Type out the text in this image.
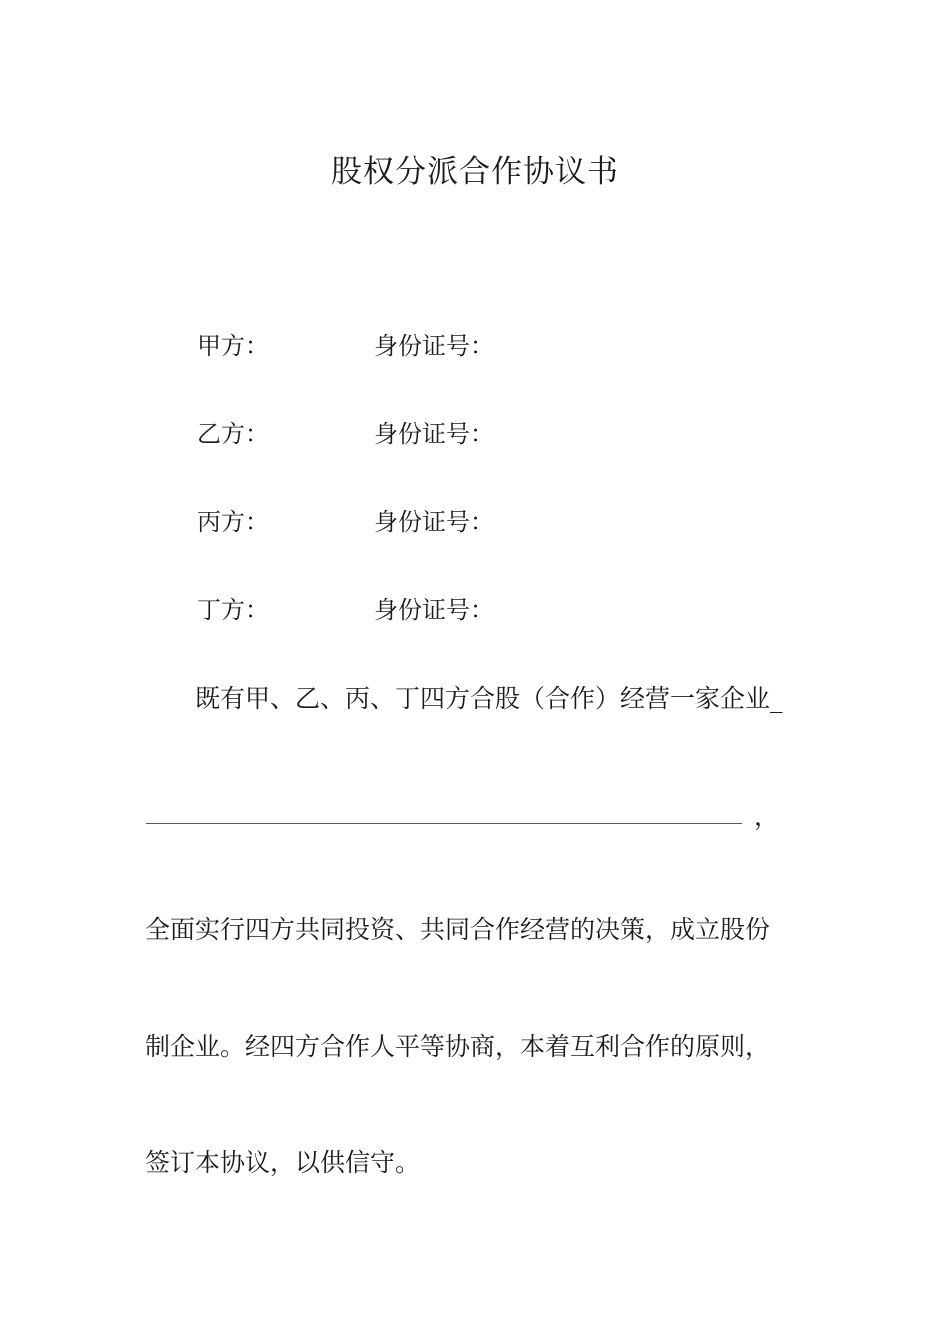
股权分派合作协议书
甲方：	身份证号：
乙方：	身份证号：
丙方：	身份证号：
丁方：	身份证号：
既有甲、乙、丙、丁四方合股（合作）经营一家企业_
，
全面实行四方共同投资、共同合作经营的决策，成立股份
制企业。经四方合作人平等协商，本着互利合作的原则，
签订本协议，以供信守。
